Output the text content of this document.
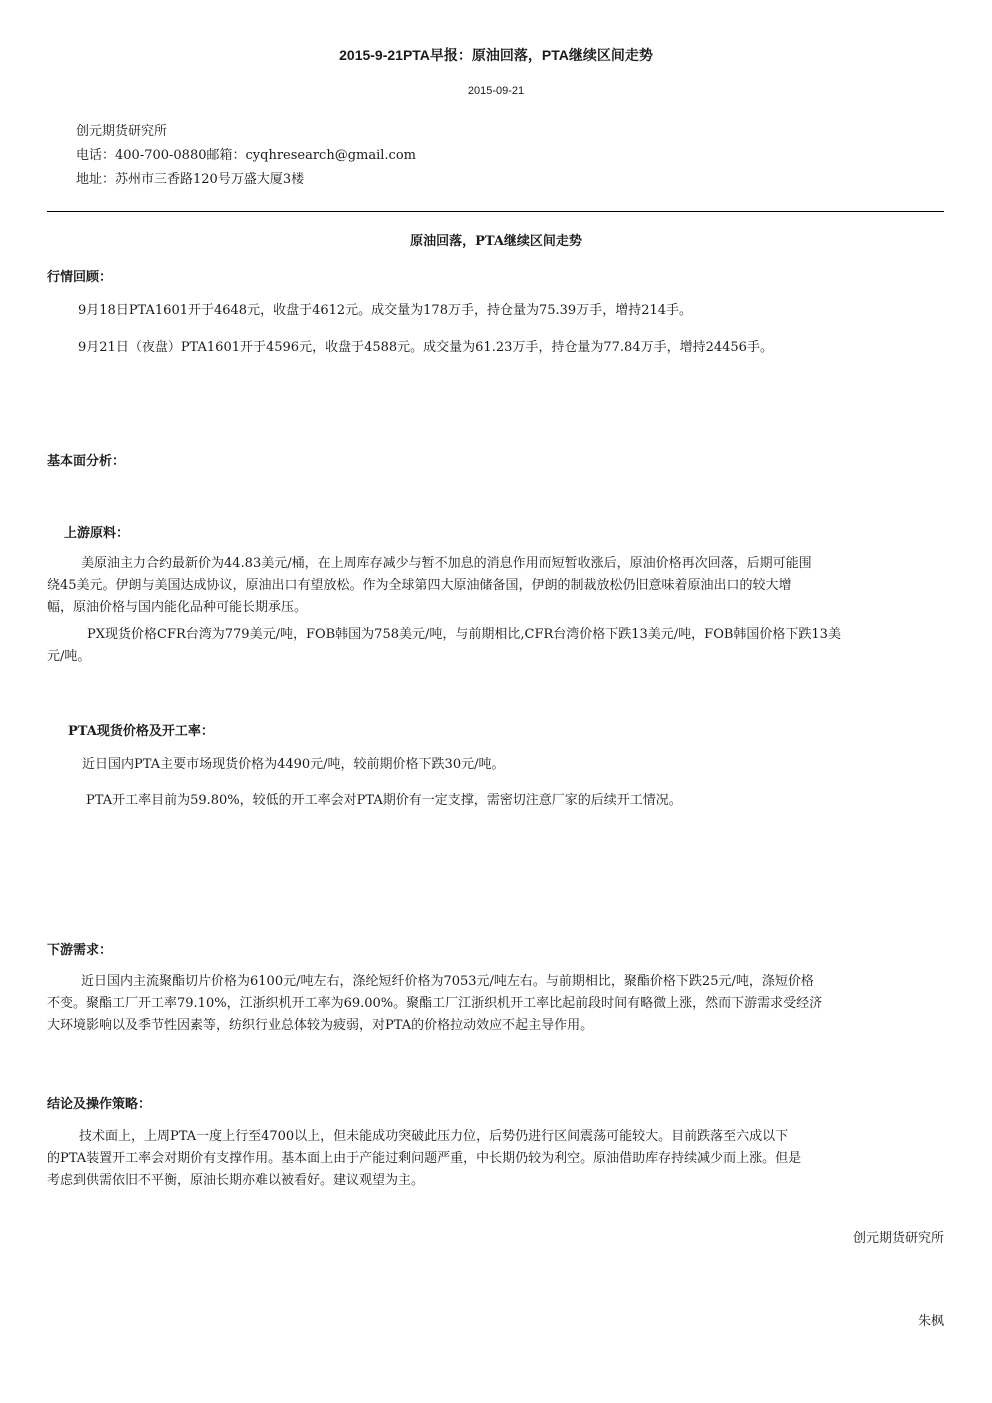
2015-9-21PTA早报：原油回落，PTA继续区间走势
2015-09-21
创元期货研究所
电话：400-700-0880邮箱：cyqhresearch@gmail.com
地址：苏州市三香路120号万盛大厦3楼
原油回落，PTA继续区间走势
行情回顾：
9月18日PTA1601开于4648元，收盘于4612元。成交量为178万手，持仓量为75.39万手，增持214手。
9月21日（夜盘）PTA1601开于4596元，收盘于4588元。成交量为61.23万手，持仓量为77.84万手，增持24456手。
基本面分析：
上游原料：
美原油主力合约最新价为44.83美元/桶，在上周库存减少与暂不加息的消息作用而短暂收涨后，原油价格再次回落，后期可能围
绕45美元。伊朗与美国达成协议，原油出口有望放松。作为全球第四大原油储备国，伊朗的制裁放松仍旧意味着原油出口的较大增
幅，原油价格与国内能化品种可能长期承压。
PX现货价格CFR台湾为779美元/吨，FOB韩国为758美元/吨，与前期相比,CFR台湾价格下跌13美元/吨，FOB韩国价格下跌13美
元/吨。
PTA现货价格及开工率：
近日国内PTA主要市场现货价格为4490元/吨，较前期价格下跌30元/吨。
PTA开工率目前为59.80%，较低的开工率会对PTA期价有一定支撑，需密切注意厂家的后续开工情况。
下游需求：
近日国内主流聚酯切片价格为6100元/吨左右，涤纶短纤价格为7053元/吨左右。与前期相比，聚酯价格下跌25元/吨，涤短价格
不变。聚酯工厂开工率79.10%，江浙织机开工率为69.00%。聚酯工厂江浙织机开工率比起前段时间有略微上涨，然而下游需求受经济
大环境影响以及季节性因素等，纺织行业总体较为疲弱，对PTA的价格拉动效应不起主导作用。
结论及操作策略：
技术面上，上周PTA一度上行至4700以上，但未能成功突破此压力位，后势仍进行区间震荡可能较大。目前跌落至六成以下
的PTA装置开工率会对期价有支撑作用。基本面上由于产能过剩问题严重，中长期仍较为利空。原油借助库存持续减少而上涨。但是
考虑到供需依旧不平衡，原油长期亦难以被看好。建议观望为主。
创元期货研究所
朱枫
